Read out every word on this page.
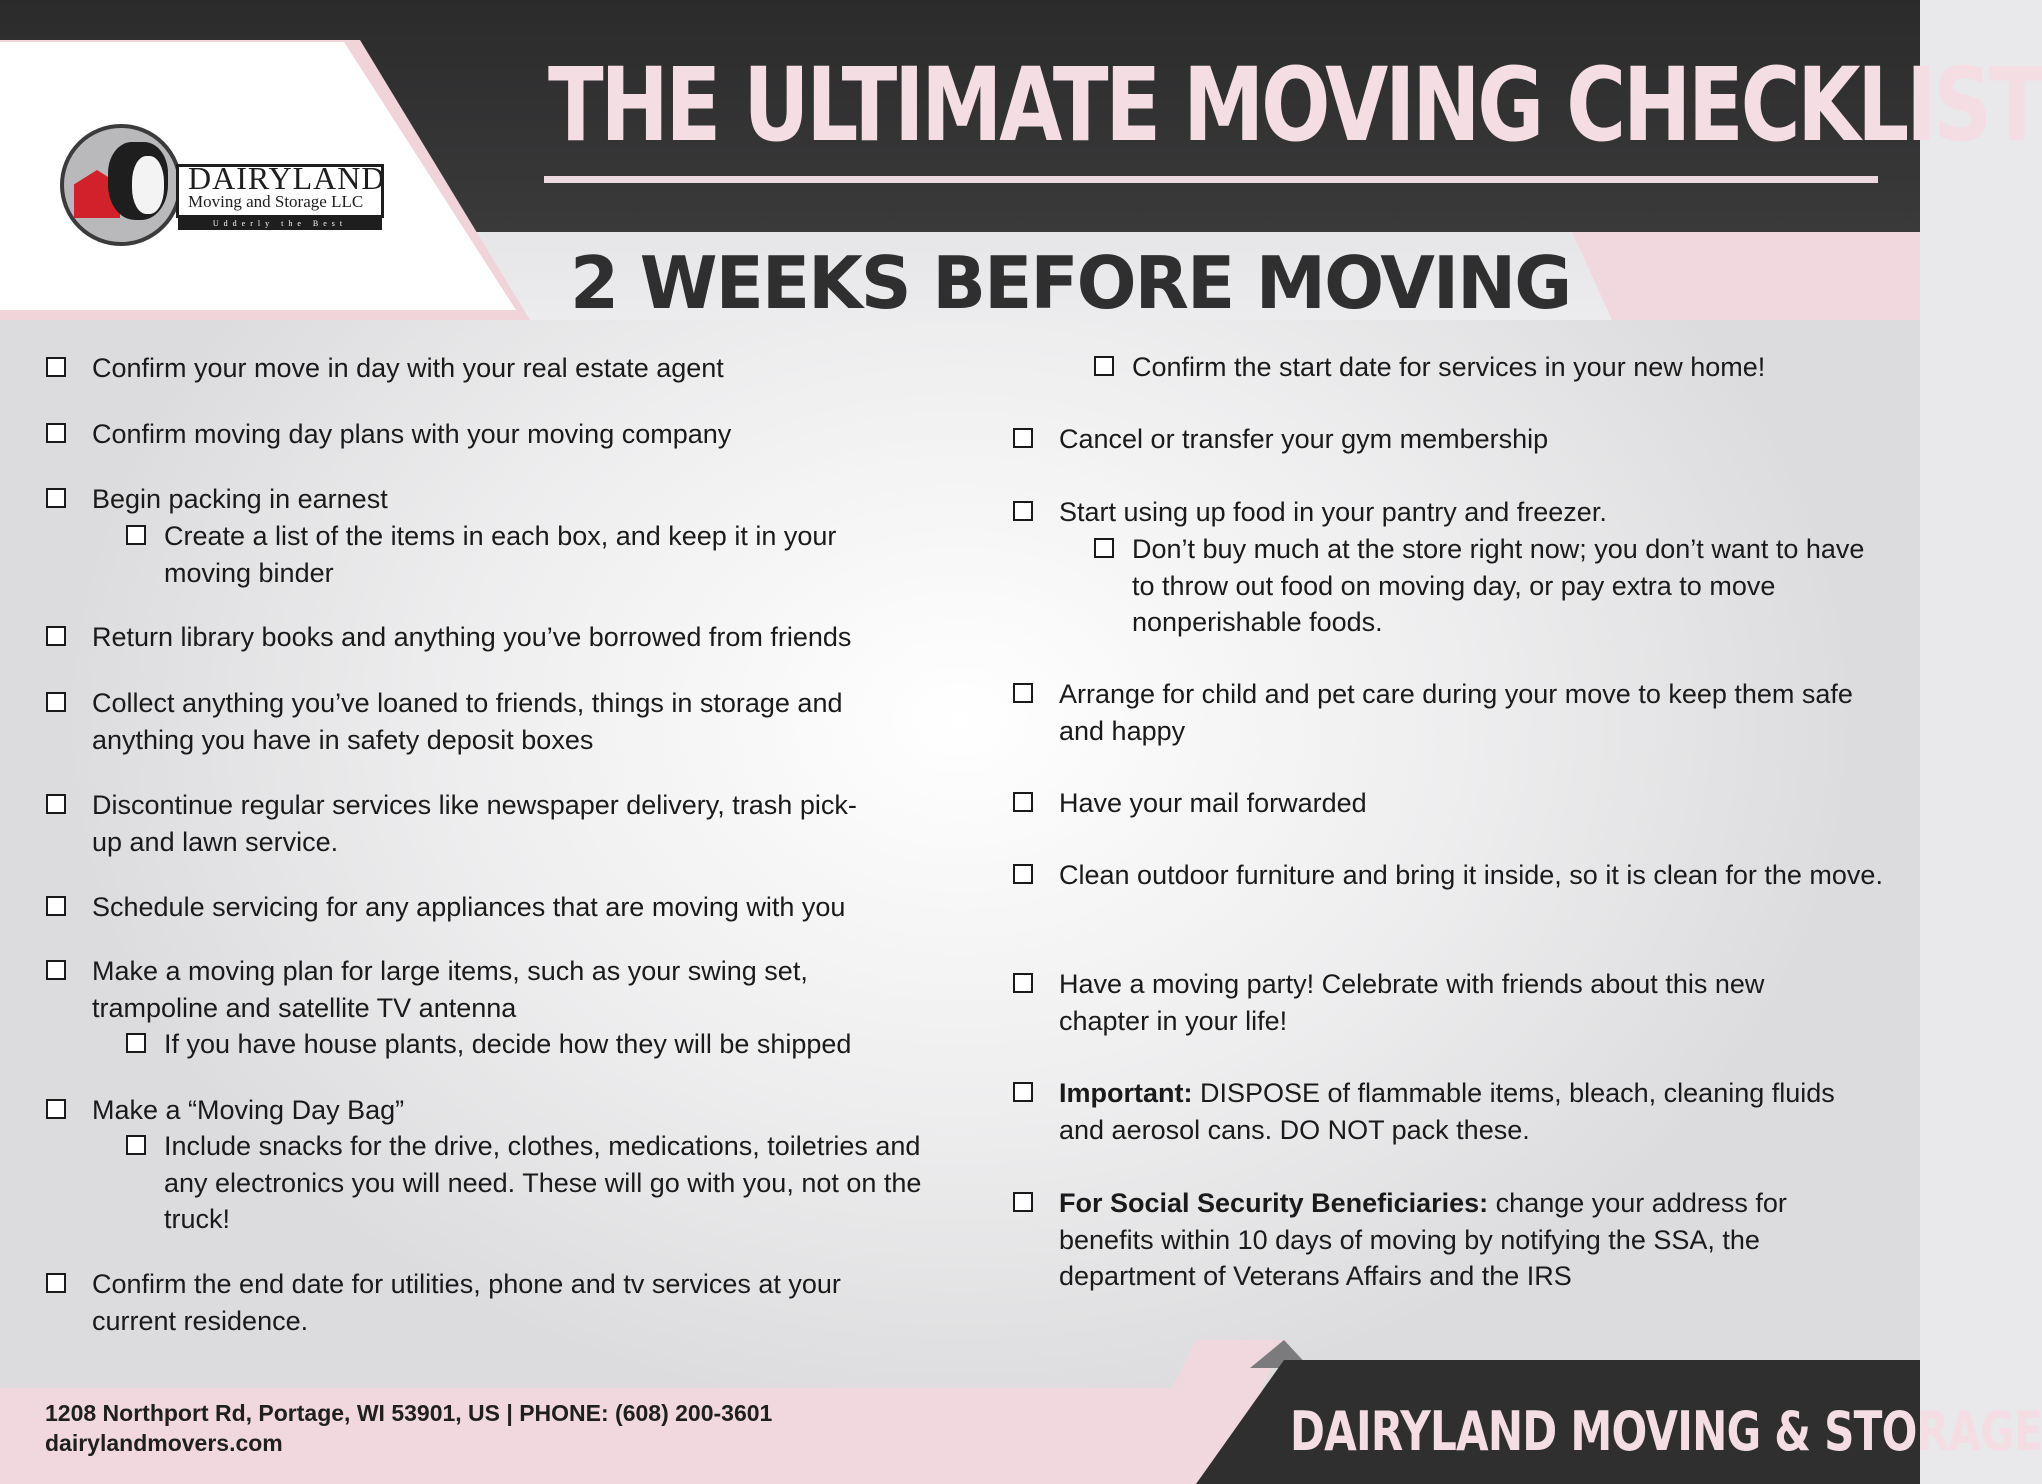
THE ULTIMATE MOVING CHECKLIST
2 WEEKS BEFORE MOVING
DAIRYLAND
Moving and Storage LLC
Udderly the Best
Confirm your move in day with your real estate agent
Confirm moving day plans with your moving company
Begin packing in earnest
Create a list of the items in each box, and keep it in your moving binder
Return library books and anything you’ve borrowed from friends
Collect anything you’ve loaned to friends, things in storage and anything you have in safety deposit boxes
Discontinue regular services like newspaper delivery, trash pick-up and lawn service.
Schedule servicing for any appliances that are moving with you
Make a moving plan for large items, such as your swing set, trampoline and satellite TV antenna
If you have house plants, decide how they will be shipped
Make a “Moving Day Bag”
Include snacks for the drive, clothes, medications, toiletries and any electronics you will need. These will go with you, not on the truck!
Confirm the end date for utilities, phone and tv services at your current residence.
Confirm the start date for services in your new home!
Cancel or transfer your gym membership
Start using up food in your pantry and freezer.
Don’t buy much at the store right now; you don’t want to have to throw out food on moving day, or pay extra to move nonperishable foods.
Arrange for child and pet care during your move to keep them safe and happy
Have your mail forwarded
Clean outdoor furniture and bring it inside, so it is clean for the move.
Have a moving party! Celebrate with friends about this new chapter in your life!
Important: DISPOSE of flammable items, bleach, cleaning fluids and aerosol cans. DO NOT pack these.
For Social Security Beneficiaries: change your address for benefits within 10 days of moving by notifying the SSA, the department of Veterans Affairs and the IRS
1208 Northport Rd, Portage, WI 53901, US | PHONE: (608) 200-3601
dairylandmovers.com	DAIRYLAND MOVING & STORAGE
